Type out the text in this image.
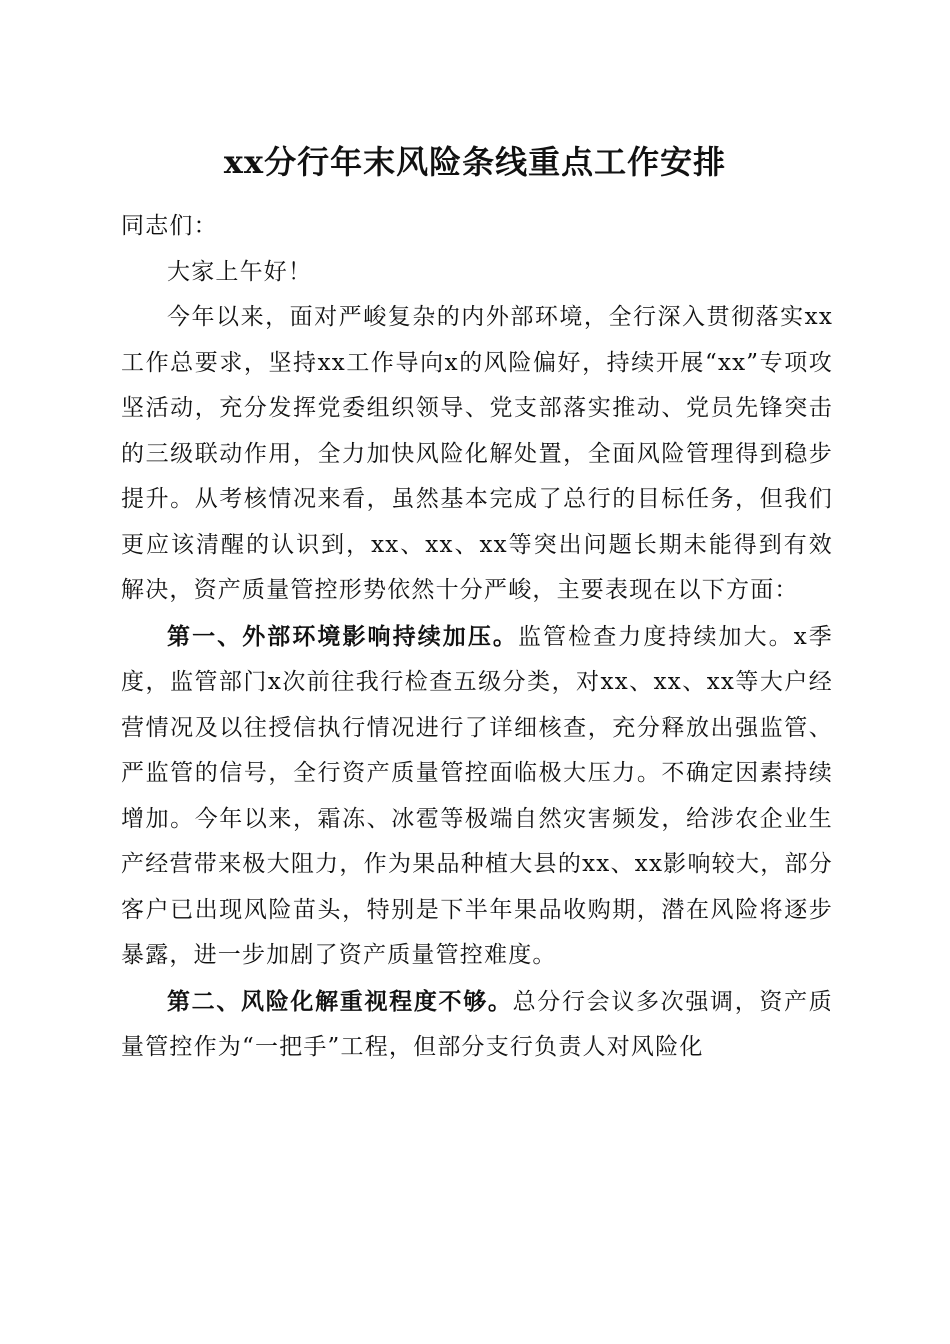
xx分行年末风险条线重点工作安排

同志们：

大家上午好！

今年以来，面对严峻复杂的内外部环境，全行深入贯彻落实xx工作总要求，坚持xx工作导向x的风险偏好，持续开展“xx”专项攻坚活动，充分发挥党委组织领导、党支部落实推动、党员先锋突击的三级联动作用，全力加快风险化解处置，全面风险管理得到稳步提升。从考核情况来看，虽然基本完成了总行的目标任务，但我们更应该清醒的认识到，xx、xx、xx等突出问题长期未能得到有效解决，资产质量管控形势依然十分严峻，主要表现在以下方面：

第一、外部环境影响持续加压。监管检查力度持续加大。x季度，监管部门x次前往我行检查五级分类，对xx、xx、xx等大户经营情况及以往授信执行情况进行了详细核查，充分释放出强监管、严监管的信号，全行资产质量管控面临极大压力。不确定因素持续增加。今年以来，霜冻、冰雹等极端自然灾害频发，给涉农企业生产经营带来极大阻力，作为果品种植大县的xx、xx影响较大，部分客户已出现风险苗头，特别是下半年果品收购期，潜在风险将逐步暴露，进一步加剧了资产质量管控难度。

第二、风险化解重视程度不够。总分行会议多次强调，资产质量管控作为“一把手”工程，但部分支行负责人对风险化
